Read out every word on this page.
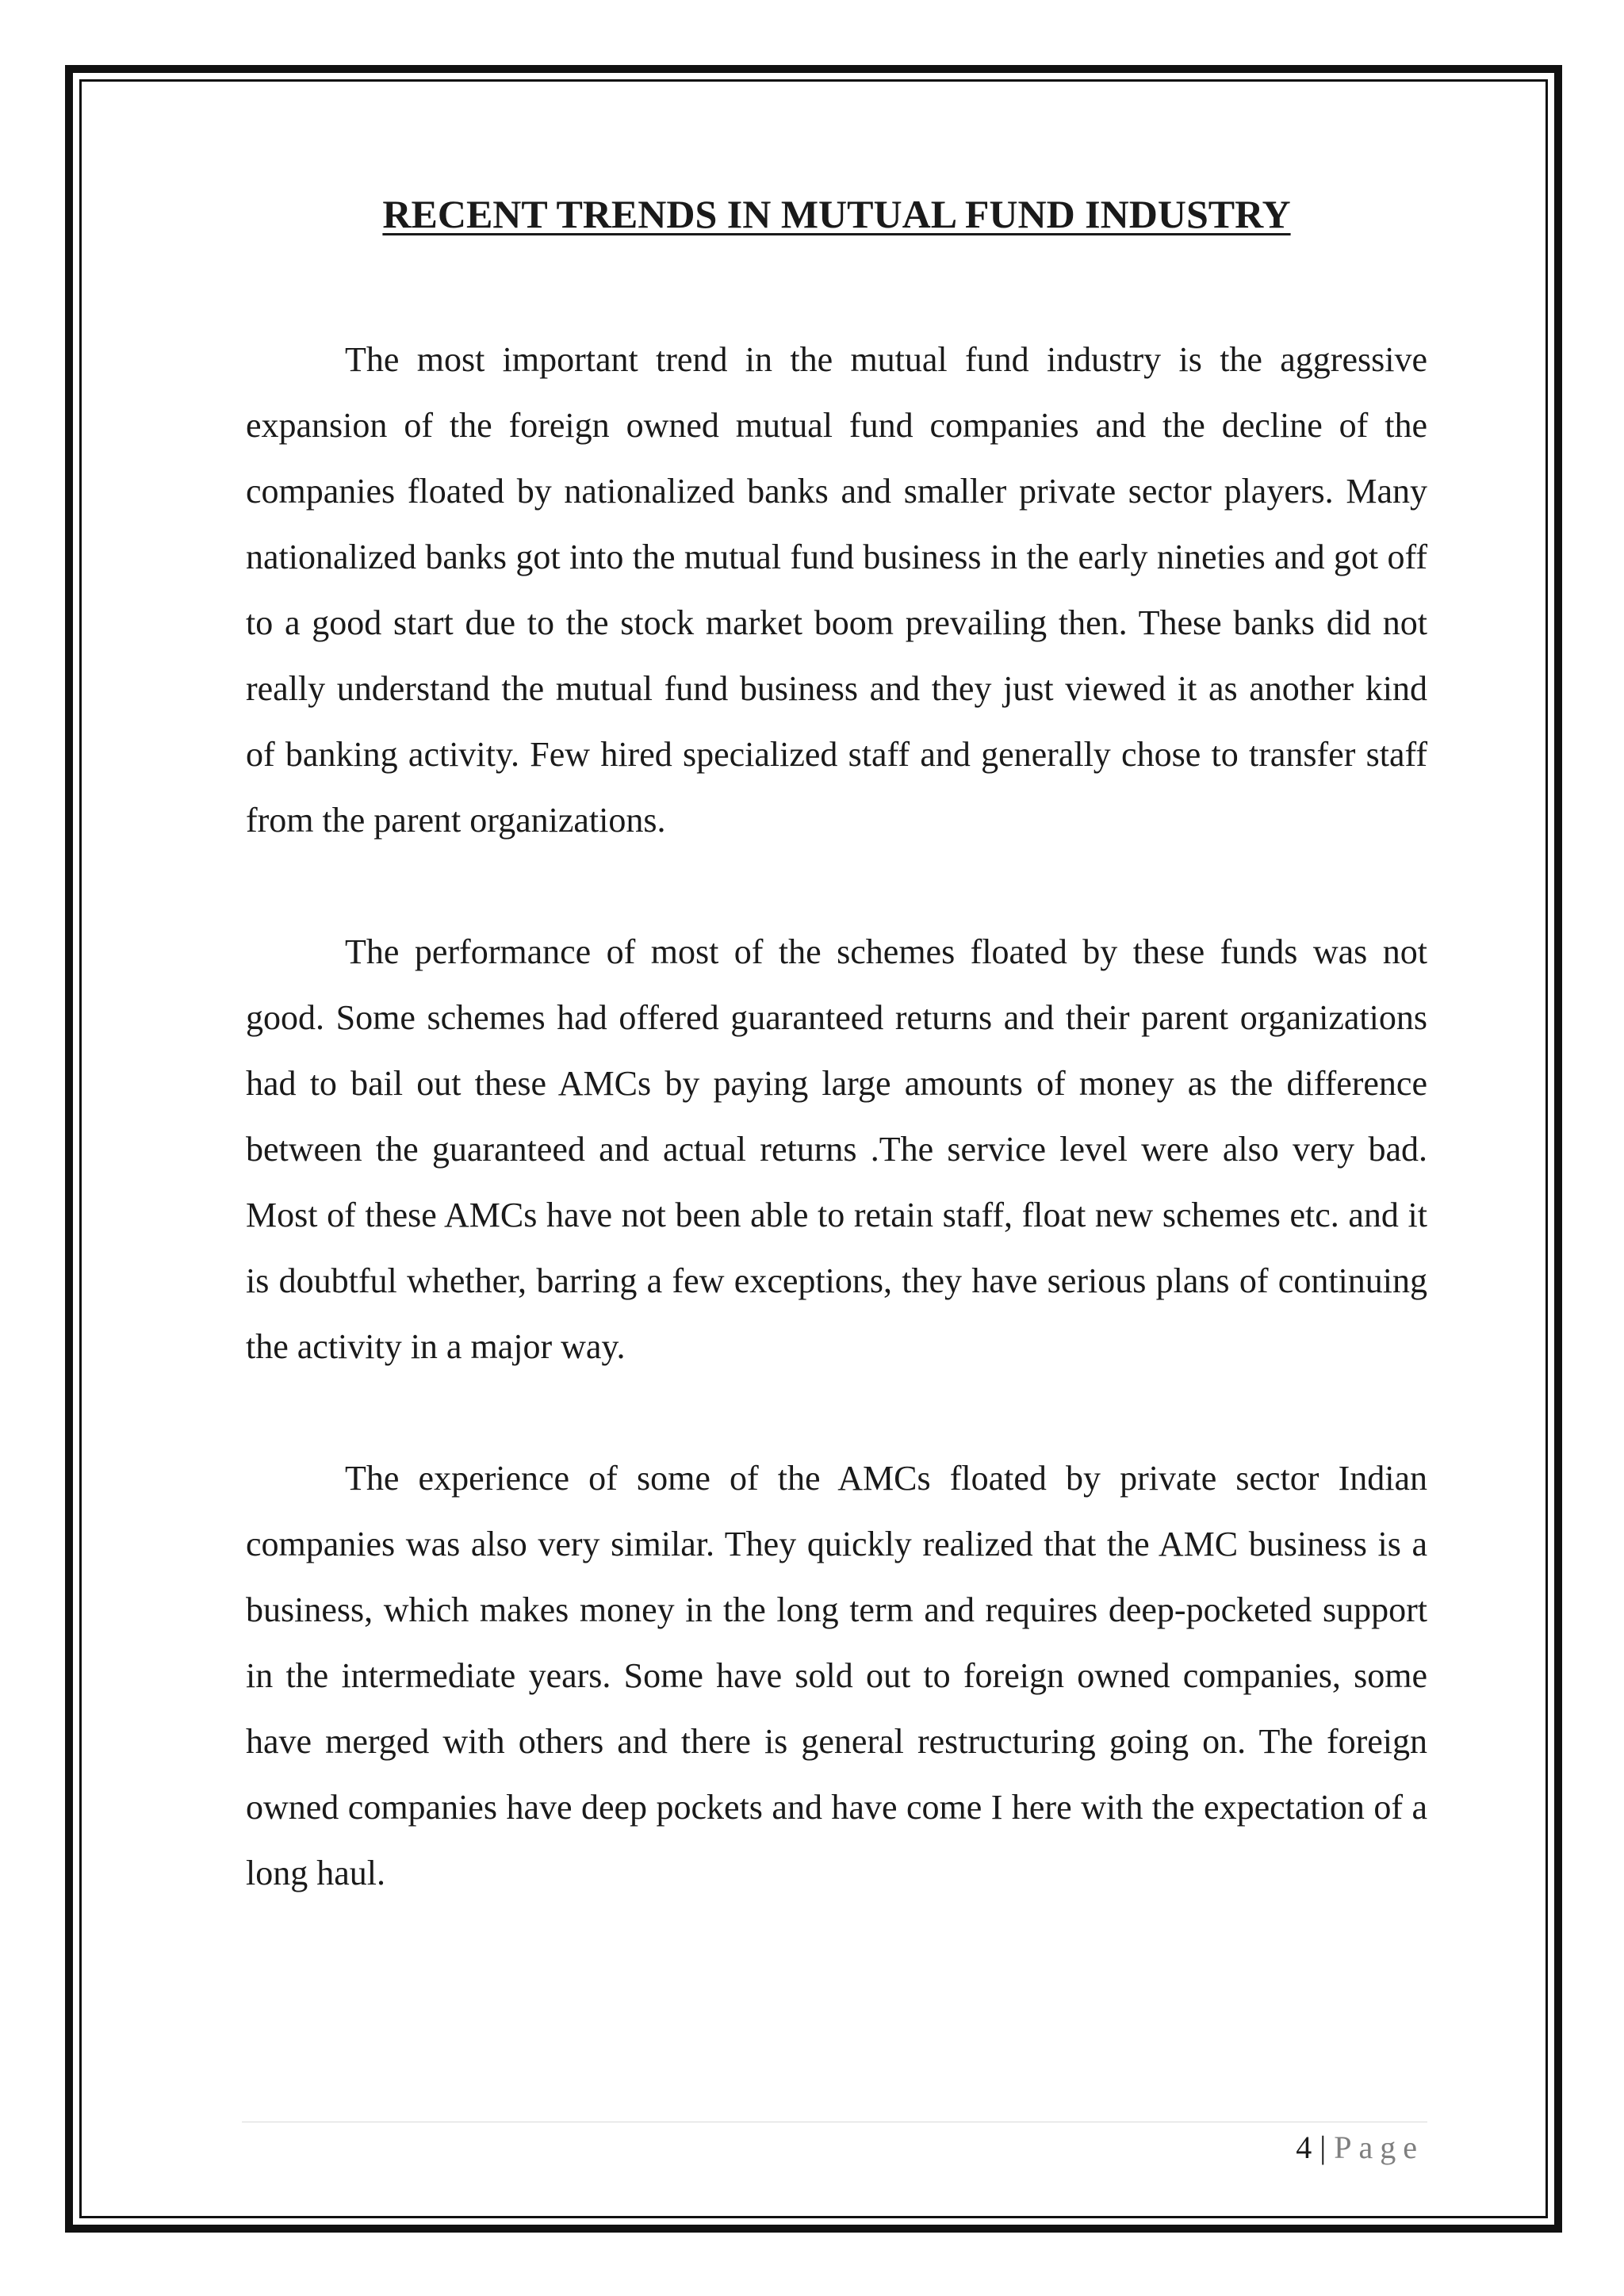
RECENT TRENDS IN MUTUAL FUND INDUSTRY

The most important trend in the mutual fund industry is the aggressive expansion of the foreign owned mutual fund companies and the decline of the companies floated by nationalized banks and smaller private sector players. Many nationalized banks got into the mutual fund business in the early nineties and got off to a good start due to the stock market boom prevailing then. These banks did not really understand the mutual fund business and they just viewed it as another kind of banking activity. Few hired specialized staff and generally chose to transfer staff from the parent organizations.

The performance of most of the schemes floated by these funds was not good. Some schemes had offered guaranteed returns and their parent organizations had to bail out these AMCs by paying large amounts of money as the difference between the guaranteed and actual returns .The service level were also very bad. Most of these AMCs have not been able to retain staff, float new schemes etc. and it is doubtful whether, barring a few exceptions, they have serious plans of continuing the activity in a major way.

The experience of some of the AMCs floated by private sector Indian companies was also very similar. They quickly realized that the AMC business is a business, which makes money in the long term and requires deep-pocketed support in the intermediate years. Some have sold out to foreign owned companies, some have merged with others and there is general restructuring going on. The foreign owned companies have deep pockets and have come I here with the expectation of a long haul.

4 | Page
